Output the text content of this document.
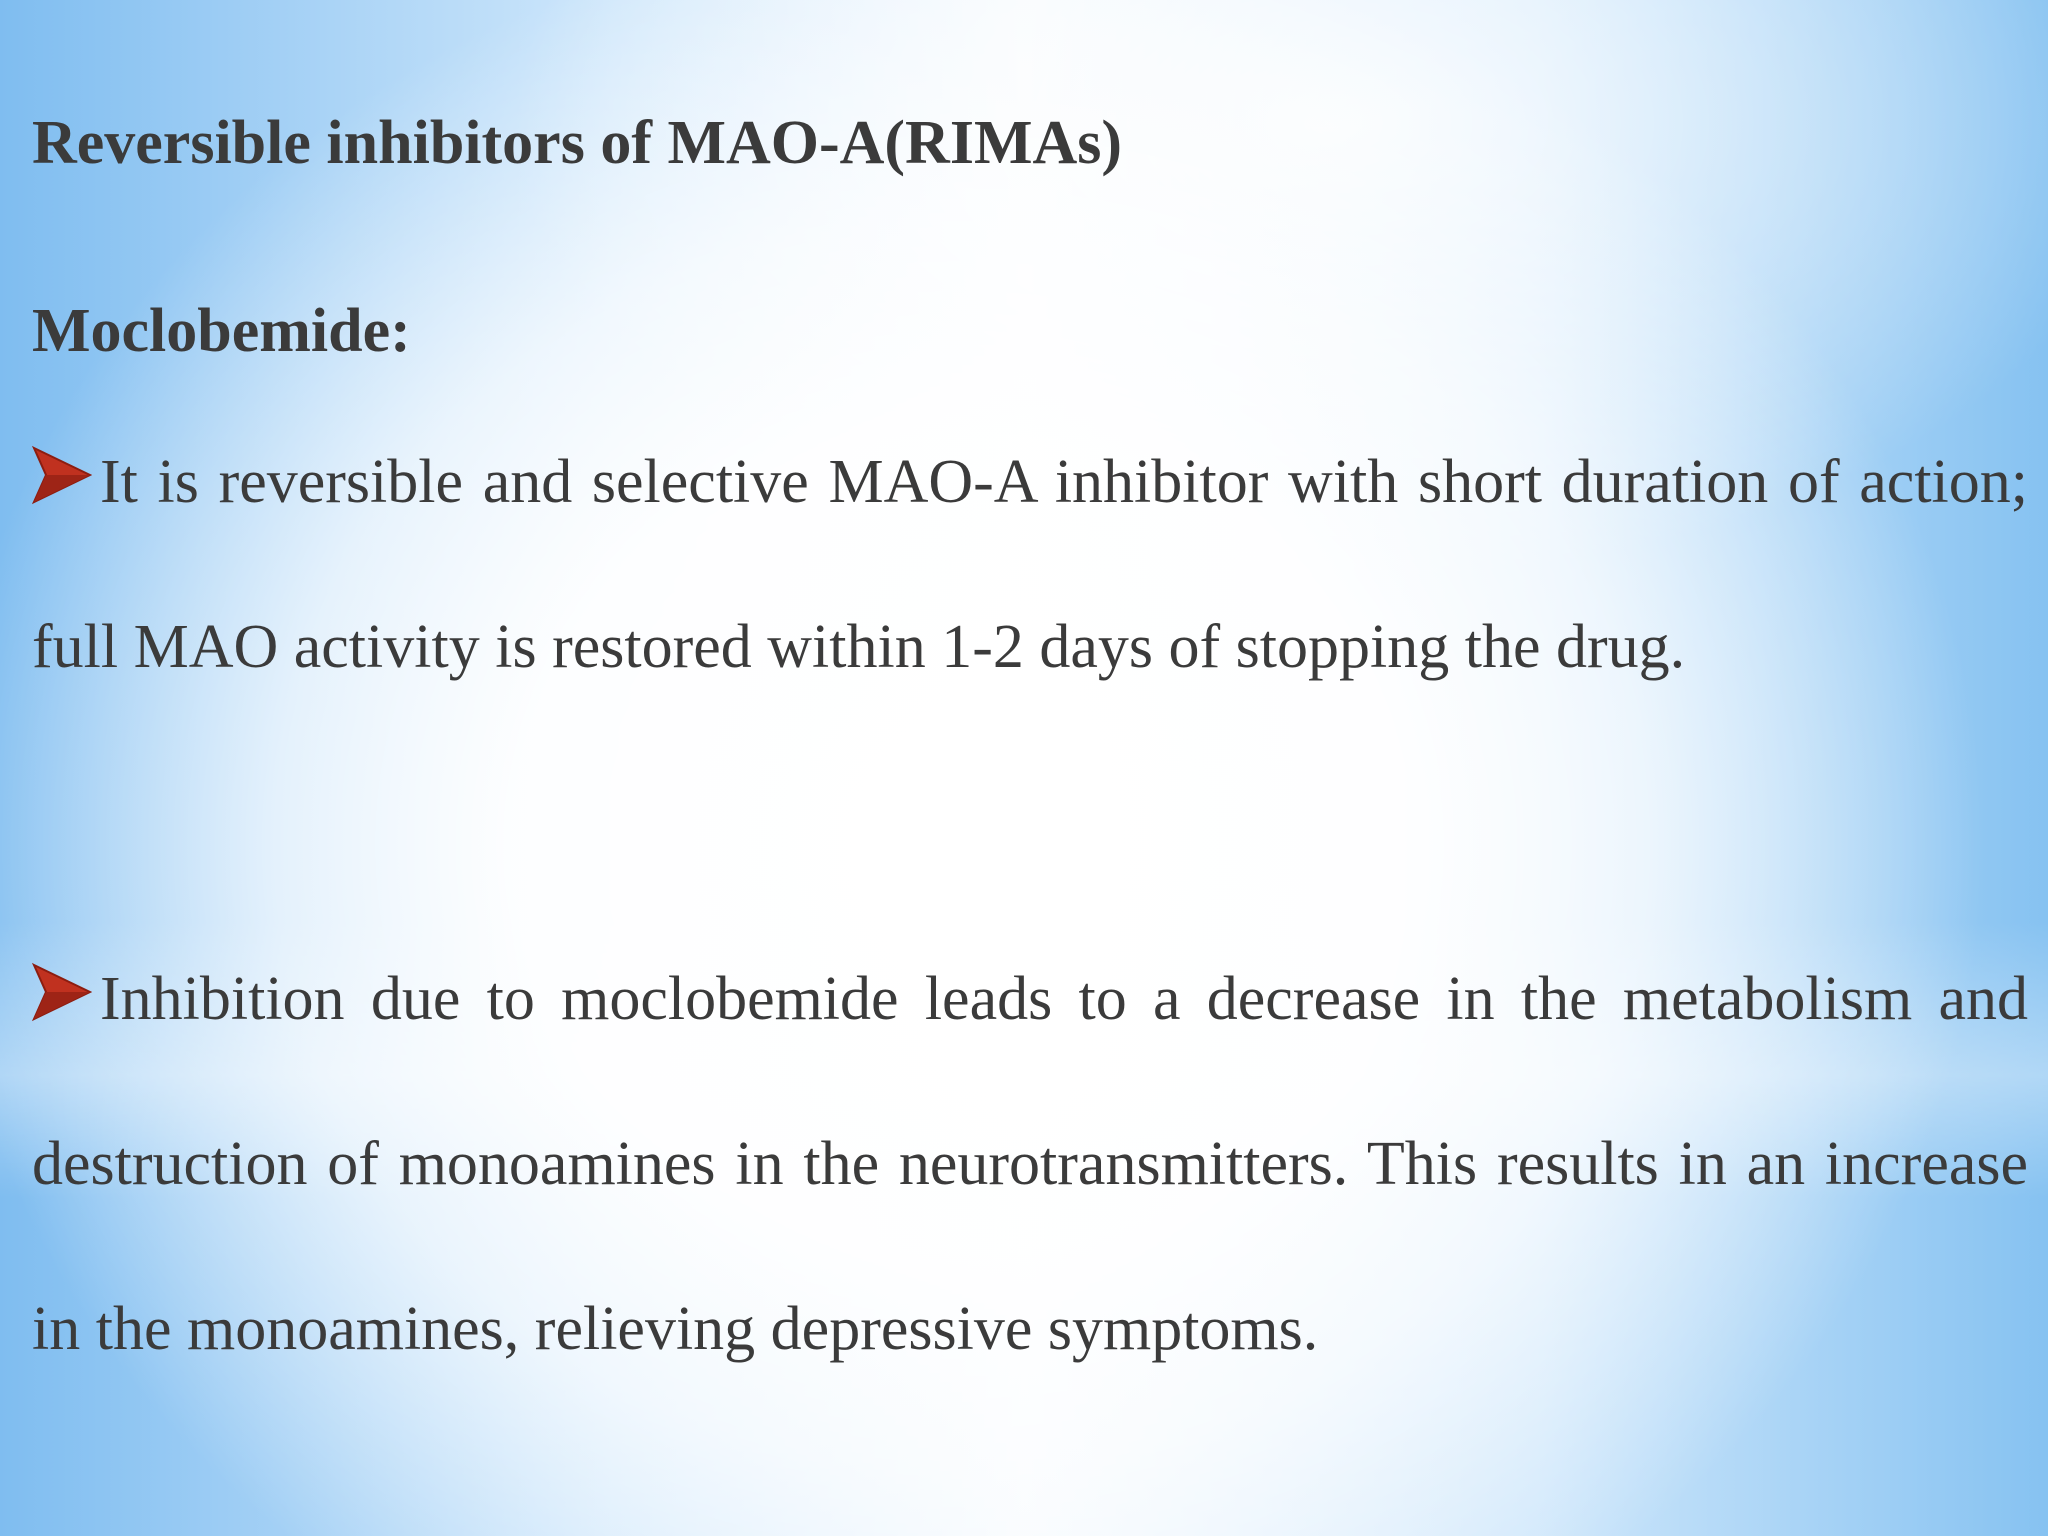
Reversible inhibitors of MAO-A(RIMAs)
Moclobemide:

It is reversible and selective MAO-A inhibitor with short duration of action; full MAO activity is restored within 1-2 days of stopping the drug.

Inhibition due to moclobemide leads to a decrease in the metabolism and destruction of monoamines in the neurotransmitters. This results in an increase in the monoamines, relieving depressive symptoms.
